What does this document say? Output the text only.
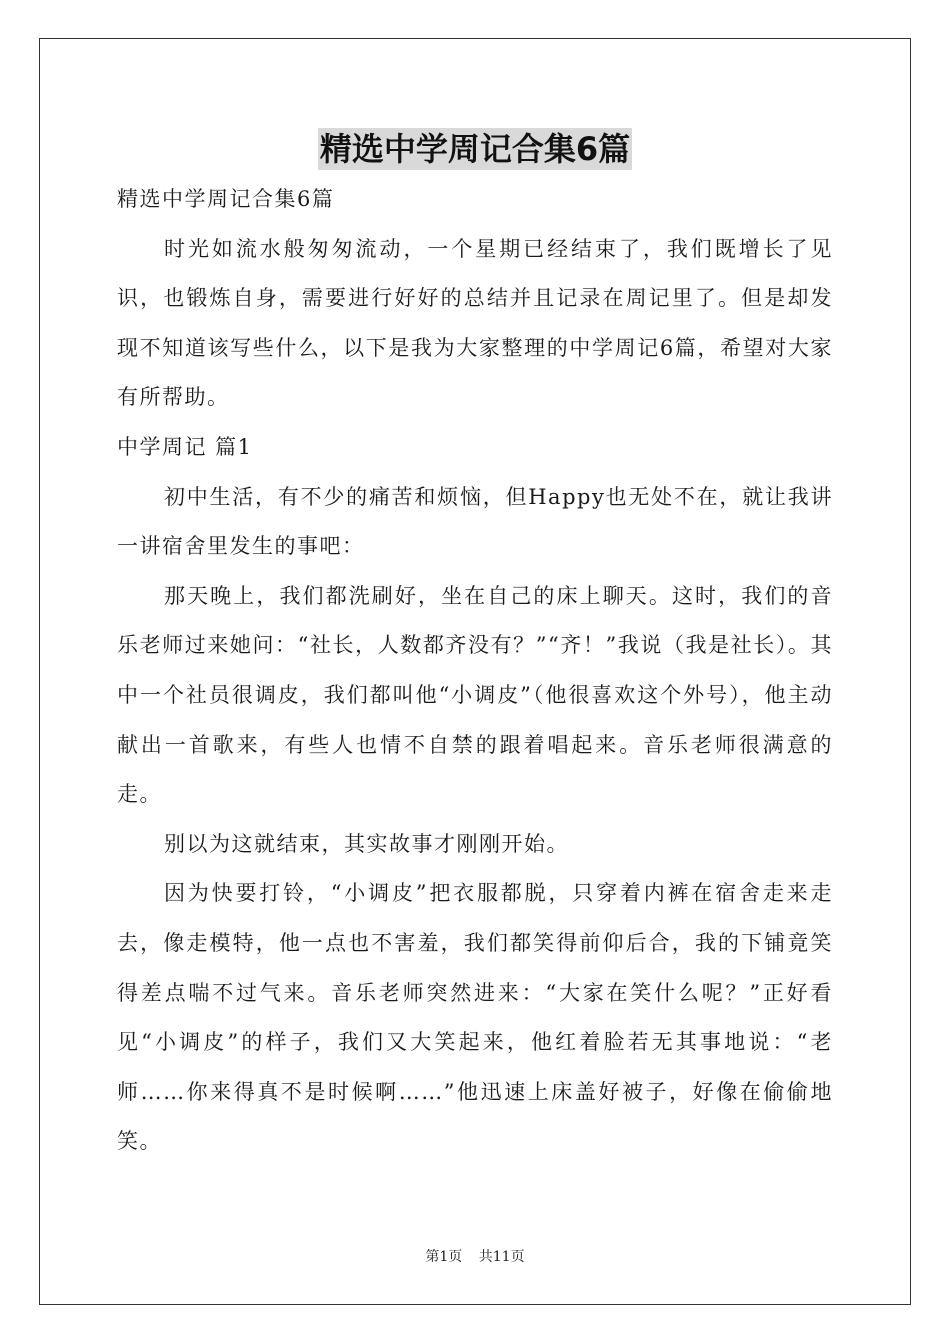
精选中学周记合集6篇

精选中学周记合集6篇

时光如流水般匆匆流动，一个星期已经结束了，我们既增长了见识，也锻炼自身，需要进行好好的总结并且记录在周记里了。但是却发现不知道该写些什么，以下是我为大家整理的中学周记6篇，希望对大家有所帮助。

中学周记 篇1

初中生活，有不少的痛苦和烦恼，但Happy也无处不在，就让我讲一讲宿舍里发生的事吧：

那天晚上，我们都洗刷好，坐在自己的床上聊天。这时，我们的音乐老师过来她问：“社长，人数都齐没有？”“齐！”我说（我是社长）。其中一个社员很调皮，我们都叫他“小调皮”（他很喜欢这个外号），他主动献出一首歌来，有些人也情不自禁的跟着唱起来。音乐老师很满意的走。

别以为这就结束，其实故事才刚刚开始。

因为快要打铃，“小调皮”把衣服都脱，只穿着内裤在宿舍走来走去，像走模特，他一点也不害羞，我们都笑得前仰后合，我的下铺竟笑得差点喘不过气来。音乐老师突然进来：“大家在笑什么呢？”正好看见“小调皮”的样子，我们又大笑起来，他红着脸若无其事地说：“老师……你来得真不是时候啊……”他迅速上床盖好被子，好像在偷偷地笑。

第1页 共11页
